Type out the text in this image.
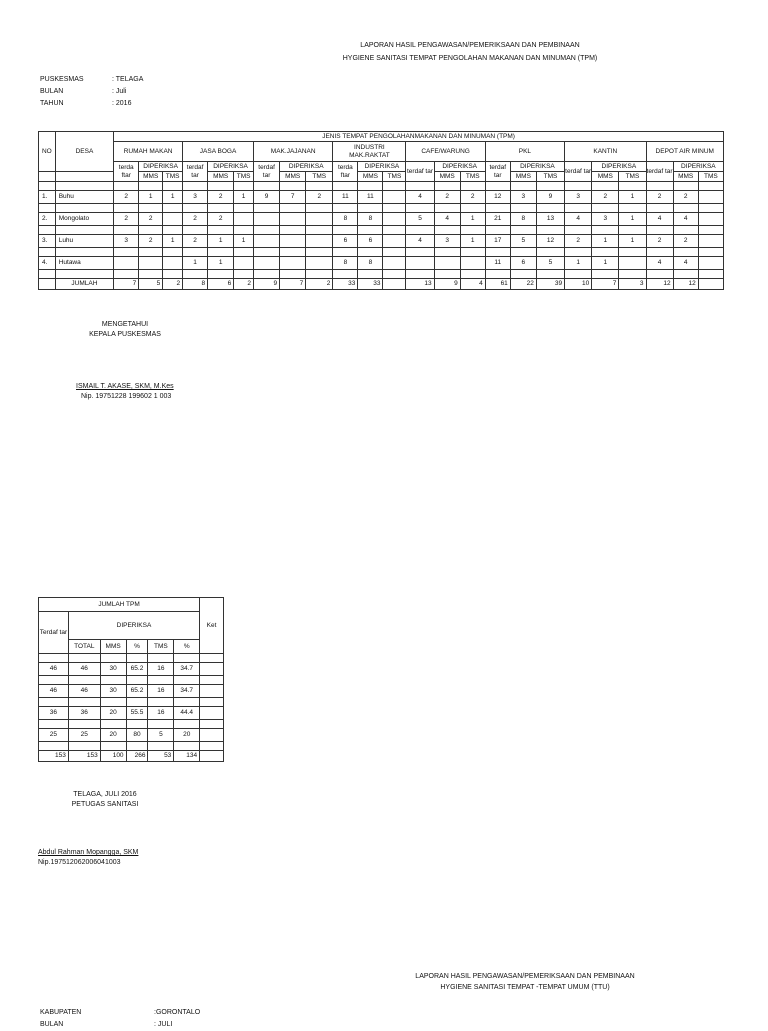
LAPORAN HASIL PENGAWASAN/PEMERIKSAAN DAN PEMBINAAN
HYGIENE SANITASI TEMPAT PENGOLAHAN MAKANAN DAN MINUMAN (TPM)
PUSKESMAS	: TELAGA
BULAN	: Juli
TAHUN	: 2016
NO	DESA	JENIS TEMPAT PENGOLAHANMAKANAN DAN MINUMAN (TPM)																							
		RUMAH MAKAN			JASA BOGA			MAK.JAJANAN			INDUSTRI MAK.RAKTAT			CAFE/WARUNG			PKL			KANTIN			DEPOT AIR MINUM		
		terda ftar	DIPERIKSA		terdaf tar	DIPERIKSA		terdaf tar	DIPERIKSA		terda ftar	DIPERIKSA		terdaf tar	DIPERIKSA		terdaf tar	DIPERIKSA		terdaf tar	DIPERIKSA		terdaf tar	DIPERIKSA	
			MMS	TMS		MMS	TMS		MMS	TMS		MMS	TMS		MMS	TMS		MMS	TMS		MMS	TMS		MMS	TMS

1.	Buhu	2	1	1	3	2	1	9	7	2	11	11		4	2	2	12	3	9	3	2	1	2	2	

2.	Mongolato	2	2		2	2					8	8		5	4	1	21	8	13	4	3	1	4	4	

3.	Luhu	3	2	1	2	1	1				6	6		4	3	1	17	5	12	2	1	1	2	2	

4.	Hutawa				1	1					8	8					11	6	5	1	1		4	4	

	JUMLAH	7	5	2	8	6	2	9	7	2	33	33		13	9	4	61	22	39	10	7	3	12	12	
MENGETAHUI
KEPALA PUSKESMAS
ISMAIL T. AKASE, SKM, M.Kes
Nip. 19751228 199602 1 003
JUMLAH TPM						Ket
Terdaf tar	DIPERIKSA					
	TOTAL	MMS	%	TMS	%	

46	46	30	65.2	16	34.7	

46	46	30	65.2	16	34.7	

36	36	20	55.5	16	44.4	

25	25	20	80	5	20	

153	153	100	266	53	134	
TELAGA, JULI 2016
PETUGAS SANITASI
Abdul Rahman Mopangga, SKM
Nip.197512062006041003
LAPORAN HASIL PENGAWASAN/PEMERIKSAAN DAN PEMBINAAN
HYGIENE SANITASI TEMPAT -TEMPAT UMUM (TTU)
KABUPATEN	:GORONTALO
BULAN	: JULI
